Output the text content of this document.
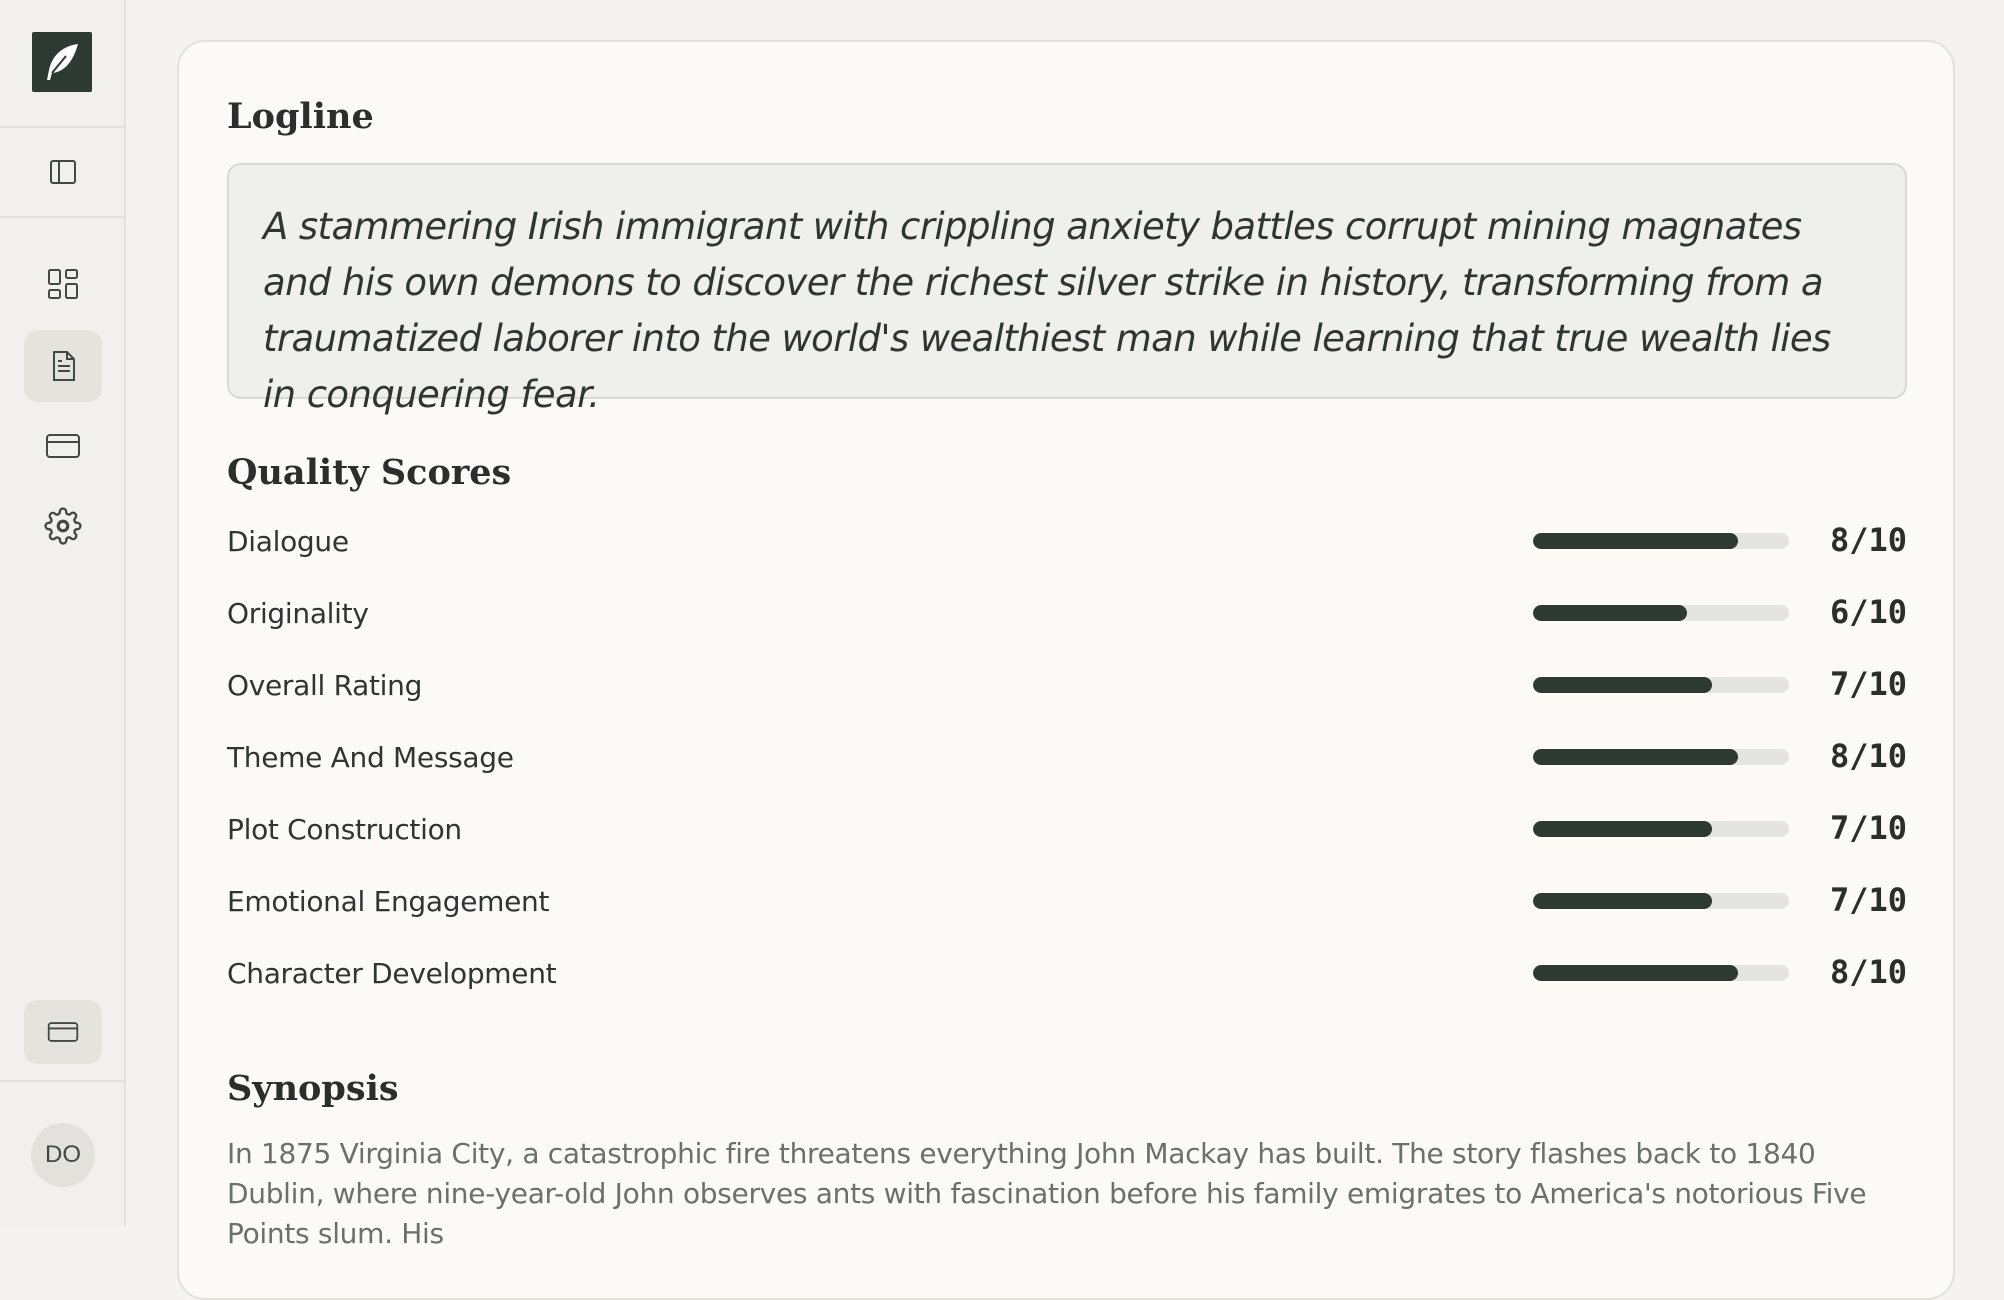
DO
Logline
A stammering Irish immigrant with crippling anxiety battles corrupt mining magnates and his own demons to discover the richest silver strike in history, transforming from a traumatized laborer into the world's wealthiest man while learning that true wealth lies in conquering fear.
Quality Scores
Dialogue	8/10
Originality	6/10
Overall Rating	7/10
Theme And Message	8/10
Plot Construction	7/10
Emotional Engagement	7/10
Character Development	8/10
Synopsis

In 1875 Virginia City, a catastrophic fire threatens everything John Mackay has built. The story flashes back to 1840 Dublin, where nine-year-old John observes ants with fascination before his family emigrates to America's notorious Five Points slum. His
